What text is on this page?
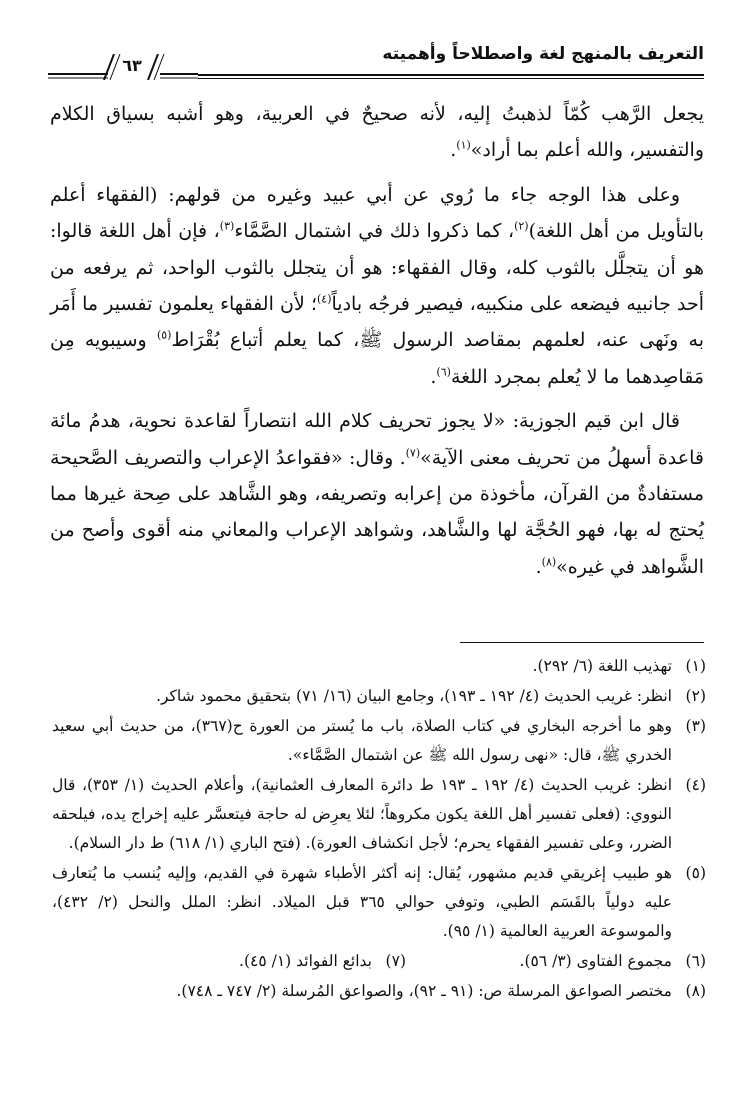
التعريف بالمنهج لغة واصطلاحاً وأهميته
٦٣

يجعل الرَّهب كُمّاً لذهبتُ إليه، لأنه صحيحٌ في العربية، وهو أشبه بسياق الكلام والتفسير، والله أعلم بما أراد»$^{(١)}$.

وعلى هذا الوجه جاء ما رُوي عن أبي عبيد وغيره من قولهم: (الفقهاء أعلم بالتأويل من أهل اللغة)$^{(٢)}$، كما ذكروا ذلك في اشتمال الصَّمَّاء$^{(٣)}$، فإن أهل اللغة قالوا: هو أن يتجلَّل بالثوب كله، وقال الفقهاء: هو أن يتجلل بالثوب الواحد، ثم يرفعه من أحد جانبيه فيضعه على منكبيه، فيصير فرجُه بادياً$^{(٤)}$؛ لأن الفقهاء يعلمون تفسير ما أَمَر به ونَهى عنه، لعلمهم بمقاصد الرسول ﷺ، كما يعلم أتباع بُقْرَاط$^{(٥)}$ وسيبويه مِن مَقاصِدهما ما لا يُعلم بمجرد اللغة$^{(٦)}$.

قال ابن قيم الجوزية: «لا يجوز تحريف كلام الله انتصاراً لقاعدة نحوية، هدمُ مائة قاعدة أسهلُ من تحريف معنى الآية»$^{(٧)}$. وقال: «فقواعدُ الإعراب والتصريف الصَّحيحة مستفادةٌ من القرآن، مأخوذة من إعرابه وتصريفه، وهو الشَّاهد على صِحة غيرها مما يُحتج له بها، فهو الحُجَّة لها والشَّاهد، وشواهد الإعراب والمعاني منه أقوى وأصح من الشَّواهد في غيره»$^{(٨)}$.

(١)
تهذيب اللغة (٦/ ٢٩٢).
(٢)
انظر: غريب الحديث (٤/ ١٩٢ ـ ١٩٣)، وجامع البيان (١٦/ ٧١) بتحقيق محمود شاكر.
(٣)
وهو ما أخرجه البخاري في كتاب الصلاة، باب ما يُستر من العورة ح(٣٦٧)، من حديث أبي سعيد الخدري ﷺ، قال: «نهى رسول الله ﷺ عن اشتمال الصَّمَّاء».
(٤)
انظر: غريب الحديث (٤/ ١٩٢ ـ ١٩٣ ط دائرة المعارف العثمانية)، وأعلام الحديث (١/ ٣٥٣)، قال النووي: (فعلى تفسير أهل اللغة يكون مكروهاً؛ لئلا يعرِض له حاجة فيتعسَّر عليه إخراج يده، فيلحقه الضرر، وعلى تفسير الفقهاء يحرم؛ لأجل انكشاف العورة). (فتح الباري (١/ ٦١٨) ط دار السلام).
(٥)
هو طبيب إغريقي قديم مشهور، يُقال: إنه أكثر الأطباء شهرة في القديم، وإليه يُنسب ما يُتعارف عليه دولياً بالقَسَم الطبي، وتوفي حوالي ٣٦٥ قبل الميلاد. انظر: الملل والنحل (٢/ ٤٣٢)، والموسوعة العربية العالمية (١/ ٩٥).
(٦)
مجموع الفتاوى (٣/ ٥٦).
(٧)
بدائع الفوائد (١/ ٤٥).
(٨)
مختصر الصواعق المرسلة ص: (٩١ ـ ٩٢)، والصواعق المُرسلة (٢/ ٧٤٧ ـ ٧٤٨).
